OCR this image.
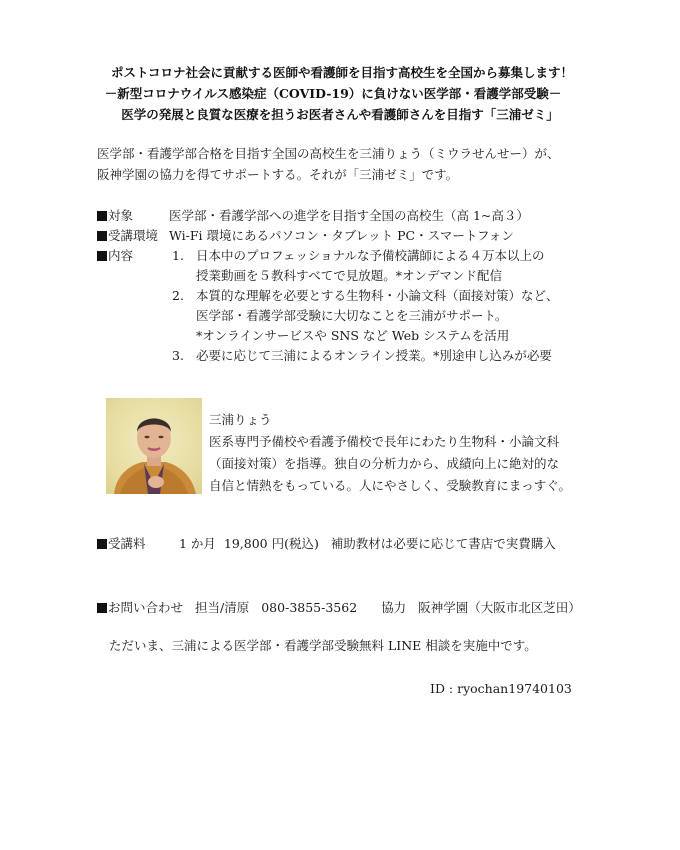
ポストコロナ社会に貢献する医師や看護師を目指す高校生を全国から募集します！
－新型コロナウイルス感染症（COVID-19）に負けない医学部・看護学部受験－
医学の発展と良質な医療を担うお医者さんや看護師さんを目指す「三浦ゼミ」
医学部・看護学部合格を目指す全国の高校生を三浦りょう（ミウラせんせー）が、
阪神学園の協力を得てサポートする。それが「三浦ゼミ」です。
対象	医学部・看護学部への進学を目指す全国の高校生（高 1~高３）
受講環境 Wi-Fi 環境にあるパソコン・タブレット PC・スマートフォン
内容	1. 日本中のプロフェッショナルな予備校講師による４万本以上の
授業動画を５教科すべてで見放題。*オンデマンド配信
2. 本質的な理解を必要とする生物科・小論文科（面接対策）など、
医学部・看護学部受験に大切なことを三浦がサポート。
*オンラインサービスや SNS など Web システムを活用
3. 必要に応じて三浦によるオンライン授業。*別途申し込みが必要
三浦りょう
医系専門予備校や看護予備校で長年にわたり生物科・小論文科
（面接対策）を指導。独自の分析力から、成績向上に絶対的な
自信と情熱をもっている。人にやさしく、受験教育にまっすぐ。
受講料	1 か月 19,800 円(税込) 補助教材は必要に応じて書店で実費購入
お問い合わせ 担当/清原 080-3855-3562 協力 阪神学園（大阪市北区芝田）
ただいま、三浦による医学部・看護学部受験無料 LINE 相談を実施中です。
ID : ryochan19740103
